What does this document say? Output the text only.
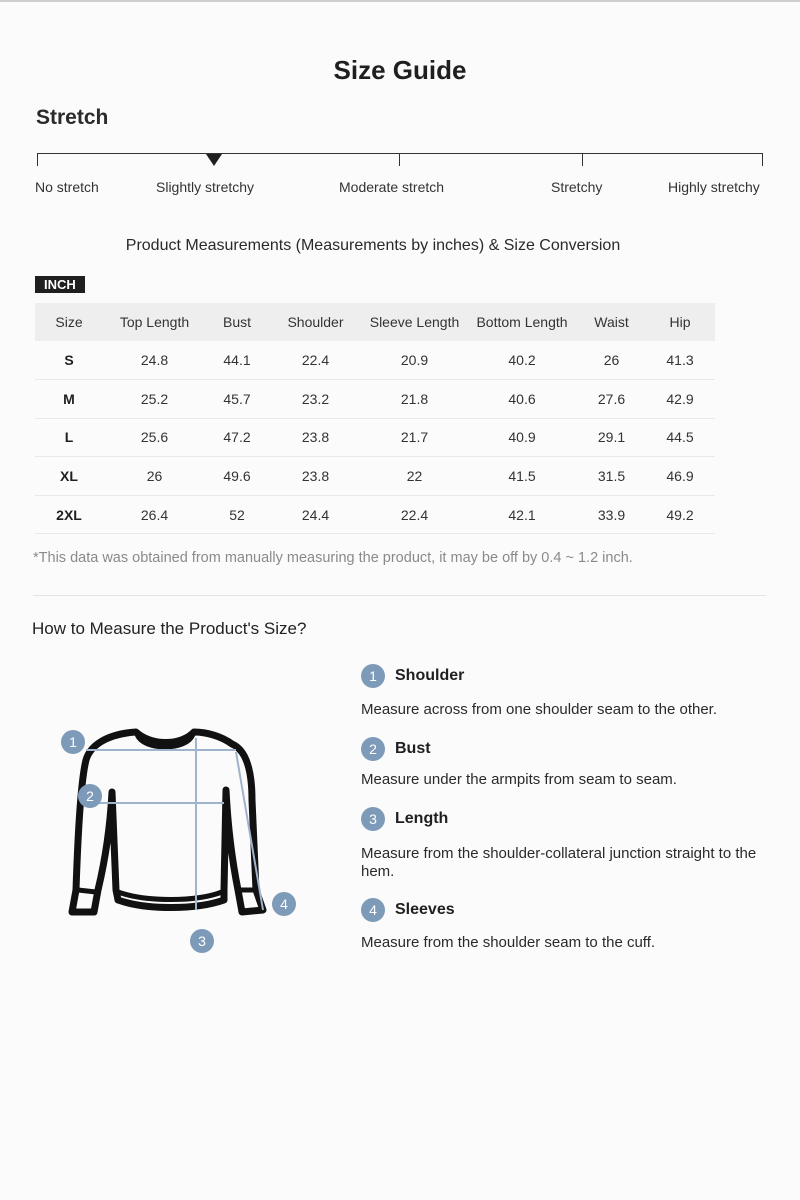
Size Guide
Stretch
No stretch	Slightly stretchy	Moderate stretch	Stretchy	Highly stretchy
Product Measurements (Measurements by inches) & Size Conversion
INCH
Size	Top Length	Bust	Shoulder	Sleeve Length	Bottom Length	Waist	Hip
S	24.8	44.1	22.4	20.9	40.2	26	41.3
M	25.2	45.7	23.2	21.8	40.6	27.6	42.9
L	25.6	47.2	23.8	21.7	40.9	29.1	44.5
XL	26	49.6	23.8	22	41.5	31.5	46.9
2XL	26.4	52	24.4	22.4	42.1	33.9	49.2
*This data was obtained from manually measuring the product, it may be off by 0.4 ~ 1.2 inch.
How to Measure the Product's Size?
1
2
3
4
1	Shoulder
Measure across from one shoulder seam to the other.
2	Bust
Measure under the armpits from seam to seam.
3	Length
Measure from the shoulder-collateral junction straight to the hem.
4	Sleeves
Measure from the shoulder seam to the cuff.
